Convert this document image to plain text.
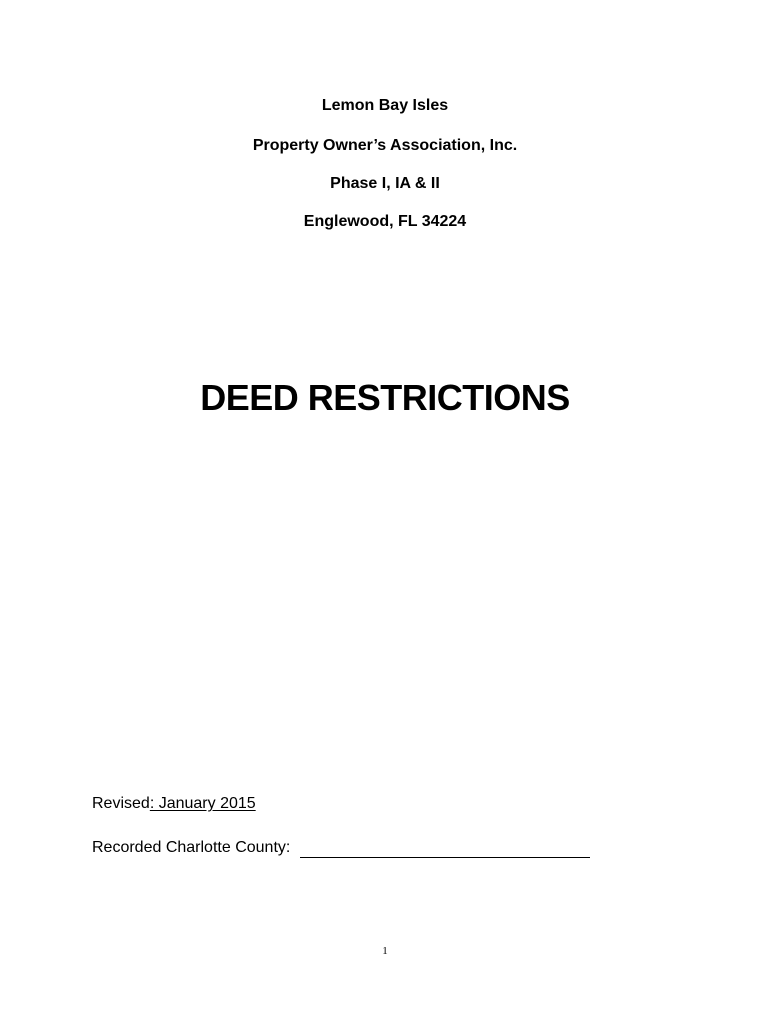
Lemon Bay Isles
Property Owner’s Association, Inc.
Phase I, IA & II
Englewood, FL 34224
DEED RESTRICTIONS
Revised: January 2015
Recorded Charlotte County:
1
